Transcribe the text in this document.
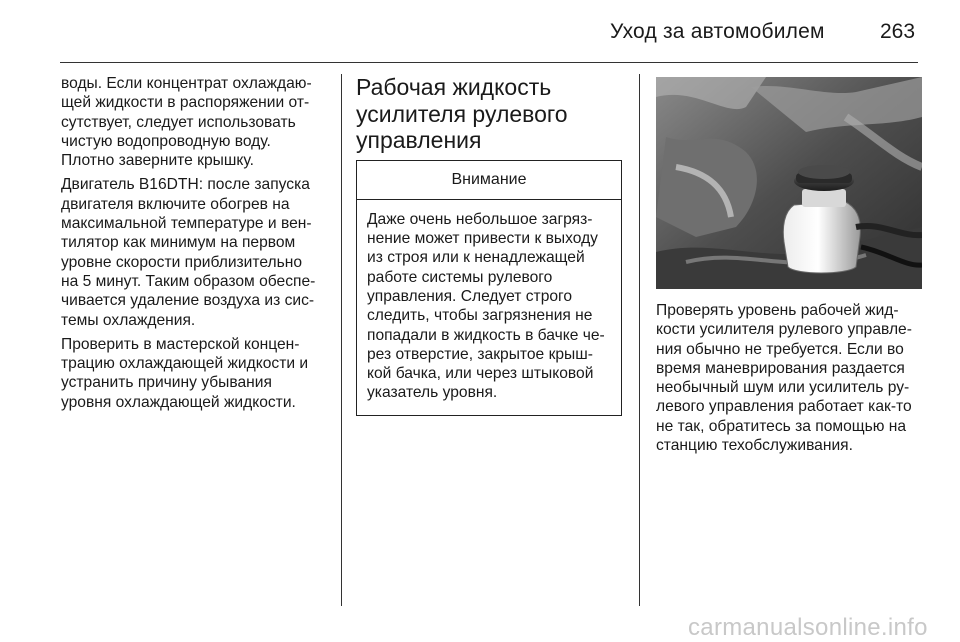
Уход за автомобилем	263

воды. Если концентрат охлаждаю-
щей жидкости в распоряжении от-
сутствует, следует использовать
чистую водопроводную воду.
Плотно заверните крышку.

Двигатель B16DTH: после запуска
двигателя включите обогрев на
максимальной температуре и вен-
тилятор как минимум на первом
уровне скорости приблизительно
на 5 минут. Таким образом обеспе-
чивается удаление воздуха из сис-
темы охлаждения.

Проверить в мастерской концен-
трацию охлаждающей жидкости и
устранить причину убывания
уровня охлаждающей жидкости.

Рабочая жидкость
усилителя рулевого
управления
Внимание
Даже очень небольшое загряз-
нение может привести к выходу
из строя или к ненадлежащей
работе системы рулевого
управления. Следует строго
следить, чтобы загрязнения не
попадали в жидкость в бачке че-
рез отверстие, закрытое крыш-
кой бачка, или через штыковой
указатель уровня.

Проверять уровень рабочей жид-
кости усилителя рулевого управле-
ния обычно не требуется. Если во
время маневрирования раздается
необычный шум или усилитель ру-
левого управления работает как-то
не так, обратитесь за помощью на
станцию техобслуживания.

carmanualsonline.info
